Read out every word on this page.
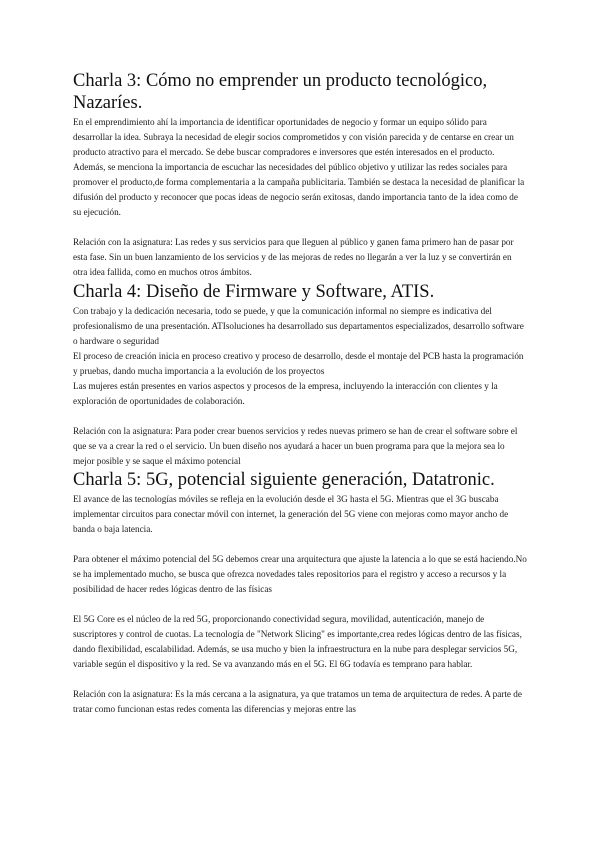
Charla 3: Cómo no emprender un producto tecnológico, Nazaríes.

En el emprendimiento ahí la importancia de identificar oportunidades de negocio y formar un equipo sólido para desarrollar la idea. Subraya la necesidad de elegir socios comprometidos y con visión parecida y de centarse en crear un producto atractivo para el mercado. Se debe buscar compradores e inversores que estén interesados en el producto. Además, se menciona la importancia de escuchar las necesidades del público objetivo y utilizar las redes sociales para promover el producto,de forma complementaria a la campaña publicitaria. También se destaca la necesidad de planificar la difusión del producto y reconocer que pocas ideas de negocio serán exitosas, dando importancia tanto de la idea como de su ejecución.

Relación con la asignatura: Las redes y sus servicios para que lleguen al público y ganen fama primero han de pasar por esta fase. Sin un buen lanzamiento de los servicios y de las mejoras de redes no llegarán a ver la luz y se convertirán en otra idea fallida, como en muchos otros ámbitos.

Charla 4: Diseño de Firmware y Software, ATIS.

Con trabajo y la dedicación necesaria, todo se puede, y que la comunicación informal no siempre es indicativa del profesionalismo de una presentación. ATIsoluciones ha desarrollado sus departamentos especializados, desarrollo software o hardware o seguridad

El proceso de creación inicia en proceso creativo y proceso de desarrollo, desde el montaje del PCB hasta la programación y pruebas, dando mucha importancia a la evolución de los proyectos

Las mujeres están presentes en varios aspectos y procesos de la empresa, incluyendo la interacción con clientes y la exploración de oportunidades de colaboración.

Relación con la asignatura: Para poder crear buenos servicios y redes nuevas primero se han de crear el software sobre el que se va a crear la red o el servicio. Un buen diseño nos ayudará a hacer un buen programa para que la mejora sea lo mejor posible y se saque el máximo potencial

Charla 5: 5G, potencial siguiente generación, Datatronic.

El avance de las tecnologías móviles se refleja en la evolución desde el 3G hasta el 5G. Mientras que el 3G buscaba implementar circuitos para conectar móvil con internet, la generación del 5G viene con mejoras como mayor ancho de banda o baja latencia.

Para obtener el máximo potencial del 5G debemos crear una arquitectura que ajuste la latencia a lo que se está haciendo.No se ha implementado mucho, se busca que ofrezca novedades tales repositorios para el registro y acceso a recursos y la posibilidad de hacer redes lógicas dentro de las físicas

El 5G Core es el núcleo de la red 5G, proporcionando conectividad segura, movilidad, autenticación, manejo de suscriptores y control de cuotas. La tecnología de "Network Slicing" es importante,crea redes lógicas dentro de las físicas, dando flexibilidad, escalabilidad. Además, se usa mucho y bien la infraestructura en la nube para desplegar servicios 5G, variable según el dispositivo y la red. Se va avanzando más en el 5G. El 6G todavía es temprano para hablar.

Relación con la asignatura: Es la más cercana a la asignatura, ya que tratamos un tema de arquitectura de redes. A parte de tratar como funcionan estas redes comenta las diferencias y mejoras entre las
